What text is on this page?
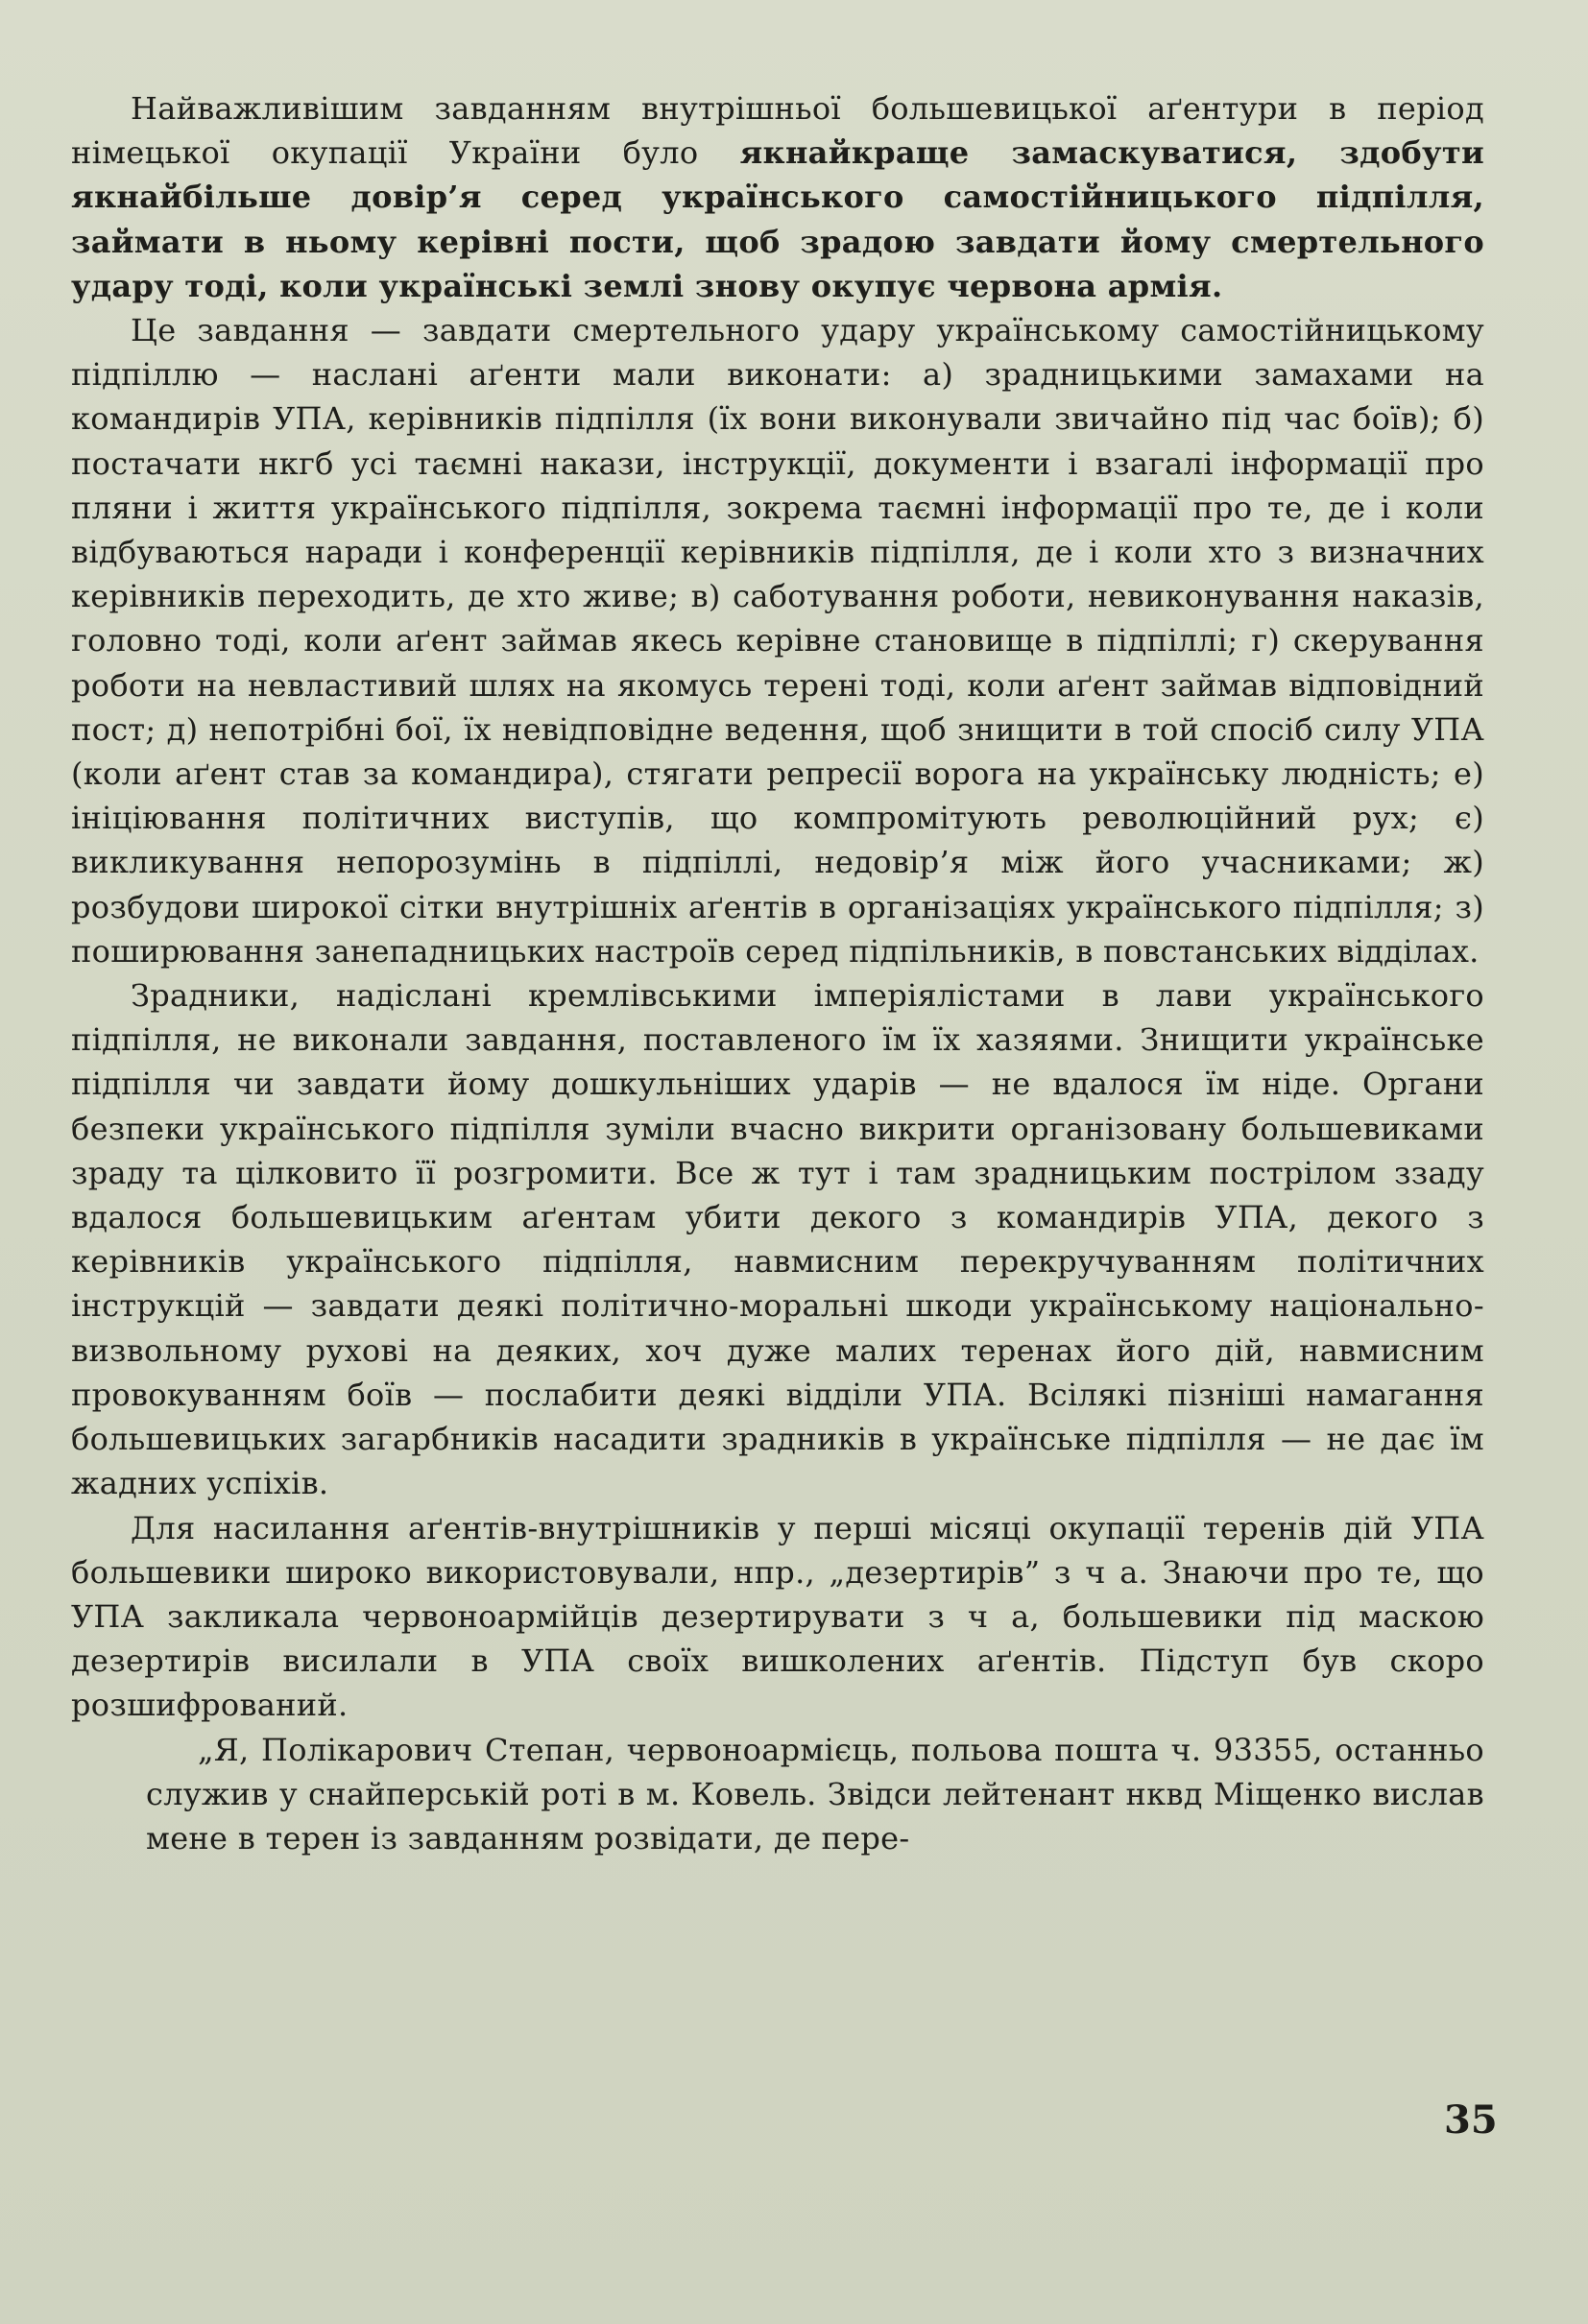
Найважливішим завданням внутрішньої большевицької аґентури в період німецької окупації України було якнайкраще замаскуватися, здобути якнайбільше довір’я серед українського самостійницького підпілля, займати в ньому керівні пости, щоб зрадою завдати йому смертельного удару тоді, коли українські землі знову окупує червона армія.

Це завдання — завдати смертельного удару українському самостійницькому підпіллю — наслані аґенти мали виконати: а) зрадницькими замахами на командирів УПА, керівників підпілля (їх вони виконували звичайно під час боїв); б) постачати нкгб усі таємні накази, інструкції, документи і взагалі інформації про пляни і життя українського підпілля, зокрема таємні інформації про те, де і коли відбуваються наради і конференції керівників підпілля, де і коли хто з визначних керівників переходить, де хто живе; в) саботування роботи, невиконування наказів, головно тоді, коли аґент займав якесь керівне становище в підпіллі; г) скерування роботи на невластивий шлях на якомусь терені тоді, коли аґент займав відповідний пост; д) непотрібні бої, їх невідповідне ведення, щоб знищити в той спосіб силу УПА (коли аґент став за командира), стягати репресії ворога на українську людність; е) ініціювання політичних виступів, що компромітують революційний рух; є) викликування непорозумінь в підпіллі, недовір’я між його учасниками; ж) розбудови широкої сітки внутрішніх аґентів в організаціях українського підпілля; з) поширювання занепадницьких настроїв серед підпільників, в повстанських відділах.

Зрадники, надіслані кремлівськими імперіялістами в лави українського підпілля, не виконали завдання, поставленого їм їх хазяями. Знищити українське підпілля чи завдати йому дошкульніших ударів — не вдалося їм ніде. Органи безпеки українського підпілля зуміли вчасно викрити організовану большевиками зраду та цілковито її розгромити. Все ж тут і там зрадницьким пострілом ззаду вдалося большевицьким аґентам убити декого з командирів УПА, декого з керівників українського підпілля, навмисним перекручуванням політичних інструкцій — завдати деякі політично-моральні шкоди українському національно-визвольному рухові на деяких, хоч дуже малих теренах його дій, навмисним провокуванням боїв — послабити деякі відділи УПА. Всілякі пізніші намагання большевицьких загарбників насадити зрадників в українське підпілля — не дає їм жадних успіхів.

Для насилання аґентів-внутрішників у перші місяці окупації теренів дій УПА большевики широко використовували, нпр., „дезертирів” з ч а. Знаючи про те, що УПА закликала червоноармійців дезертирувати з ч а, большевики під маскою дезертирів висилали в УПА своїх вишколених аґентів. Підступ був скоро розшифрований.

„Я, Полікарович Степан, червоноармієць, польова пошта ч. 93355, останньо служив у снайперській роті в м. Ковель. Звідси лейтенант нквд Міщенко вислав мене в терен із завданням розвідати, де пере-

35
